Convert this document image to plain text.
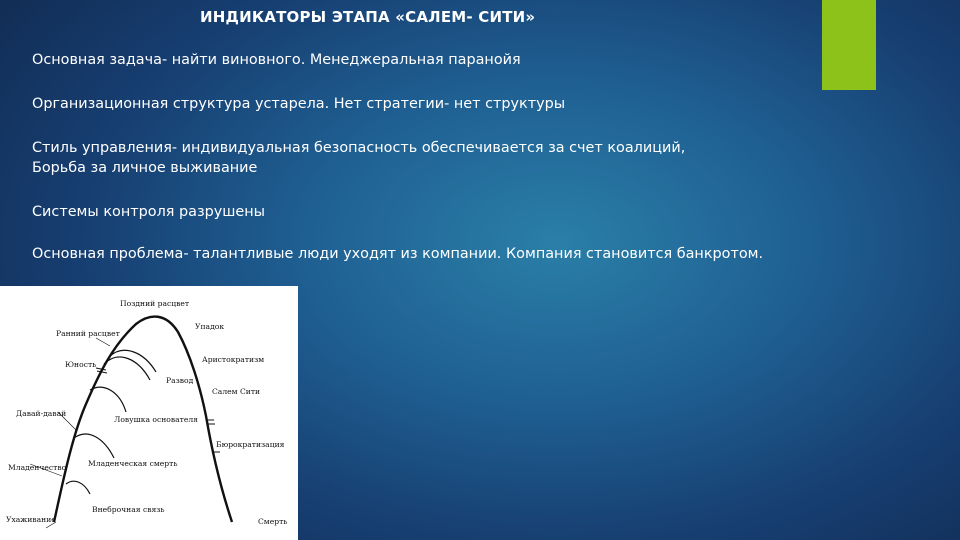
ИНДИКАТОРЫ ЭТАПА «САЛЕМ- СИТИ»

Основная задача- найти виновного. Менеджеральная паранойя

Организационная структура устарела. Нет стратегии- нет структуры

Стиль управления- индивидуальная безопасность обеспечивается за счет коалиций,

Борьба за личное выживание

Системы контроля разрушены

Основная проблема- талантливые люди уходят из компании. Компания становится банкротом.

Поздний расцвет
Ранний расцвет
Упадок
Юность
Аристократизм
Развод
Салем Сити
Давай-давай
Ловушка основателя
Бюрократизация
Младенчество	Младенческая смерть
Внеброчная связь
Ухаживание	Смерть
